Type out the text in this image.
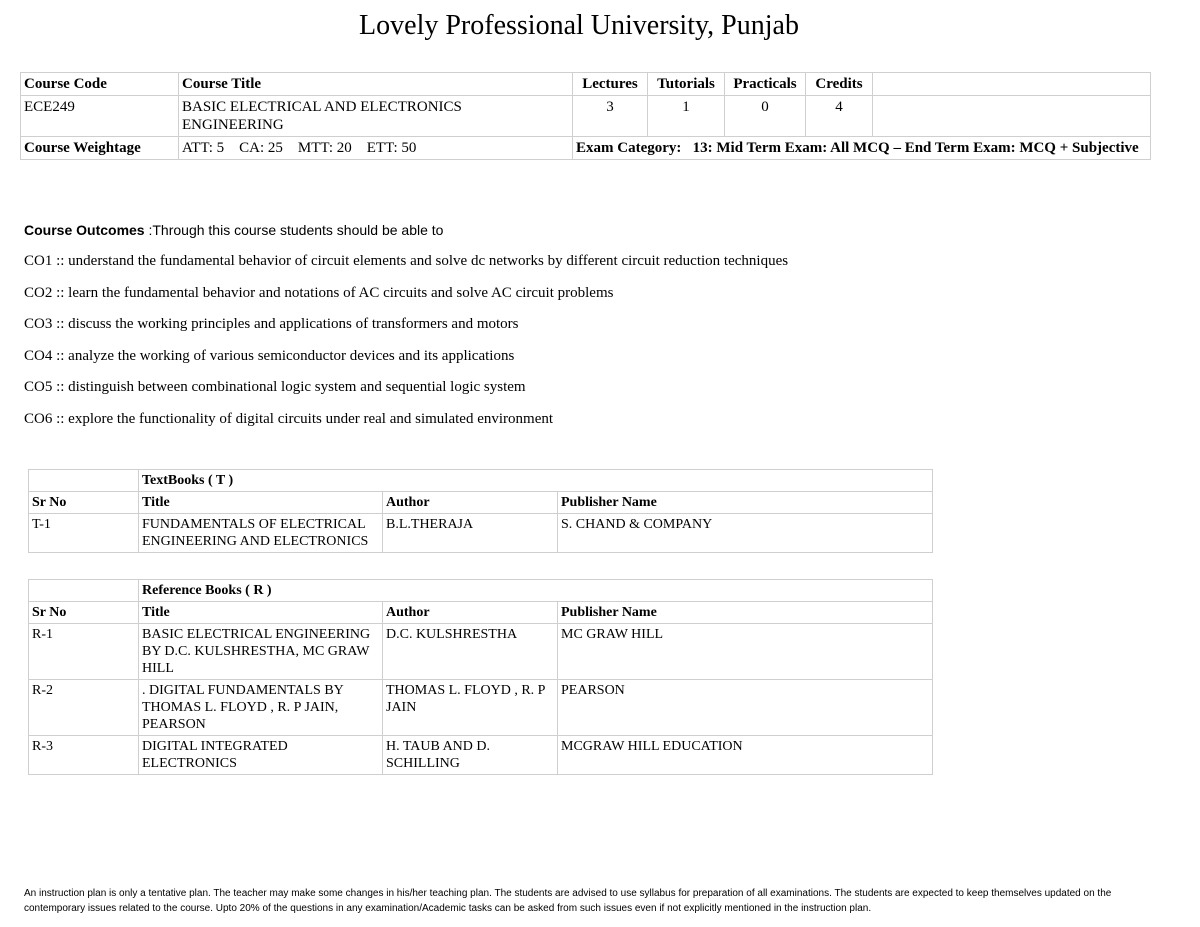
Lovely Professional University, Punjab
Course Code	Course Title	Lectures	Tutorials	Practicals	Credits	
ECE249	BASIC ELECTRICAL AND ELECTRONICS ENGINEERING	3	1	0	4	
Course Weightage	ATT: 5    CA: 25    MTT: 20    ETT: 50	Exam Category: 13: Mid Term Exam: All MCQ – End Term Exam: MCQ + Subjective				
Course Outcomes :Through this course students should be able to
CO1 :: understand the fundamental behavior of circuit elements and solve dc networks by different circuit reduction techniques
CO2 :: learn the fundamental behavior and notations of AC circuits and solve AC circuit problems
CO3 :: discuss the working principles and applications of transformers and motors
CO4 :: analyze the working of various semiconductor devices and its applications
CO5 :: distinguish between combinational logic system and sequential logic system
CO6 :: explore the functionality of digital circuits under real and simulated environment
	TextBooks ( T )		
Sr No	Title	Author	Publisher Name
T-1	FUNDAMENTALS OF ELECTRICAL ENGINEERING AND ELECTRONICS	B.L.THERAJA	S. CHAND & COMPANY
	Reference Books ( R )		
Sr No	Title	Author	Publisher Name
R-1	BASIC ELECTRICAL ENGINEERING BY D.C. KULSHRESTHA, MC GRAW HILL	D.C. KULSHRESTHA	MC GRAW HILL
R-2	. DIGITAL FUNDAMENTALS BY THOMAS L. FLOYD , R. P JAIN, PEARSON	THOMAS L. FLOYD , R. P JAIN	PEARSON
R-3	DIGITAL INTEGRATED ELECTRONICS	H. TAUB AND D. SCHILLING	MCGRAW HILL EDUCATION
An instruction plan is only a tentative plan. The teacher may make some changes in his/her teaching plan. The students are advised to use syllabus for preparation of all examinations. The students are expected to keep themselves updated on the contemporary issues related to the course. Upto 20% of the questions in any examination/Academic tasks can be asked from such issues even if not explicitly mentioned in the instruction plan.
